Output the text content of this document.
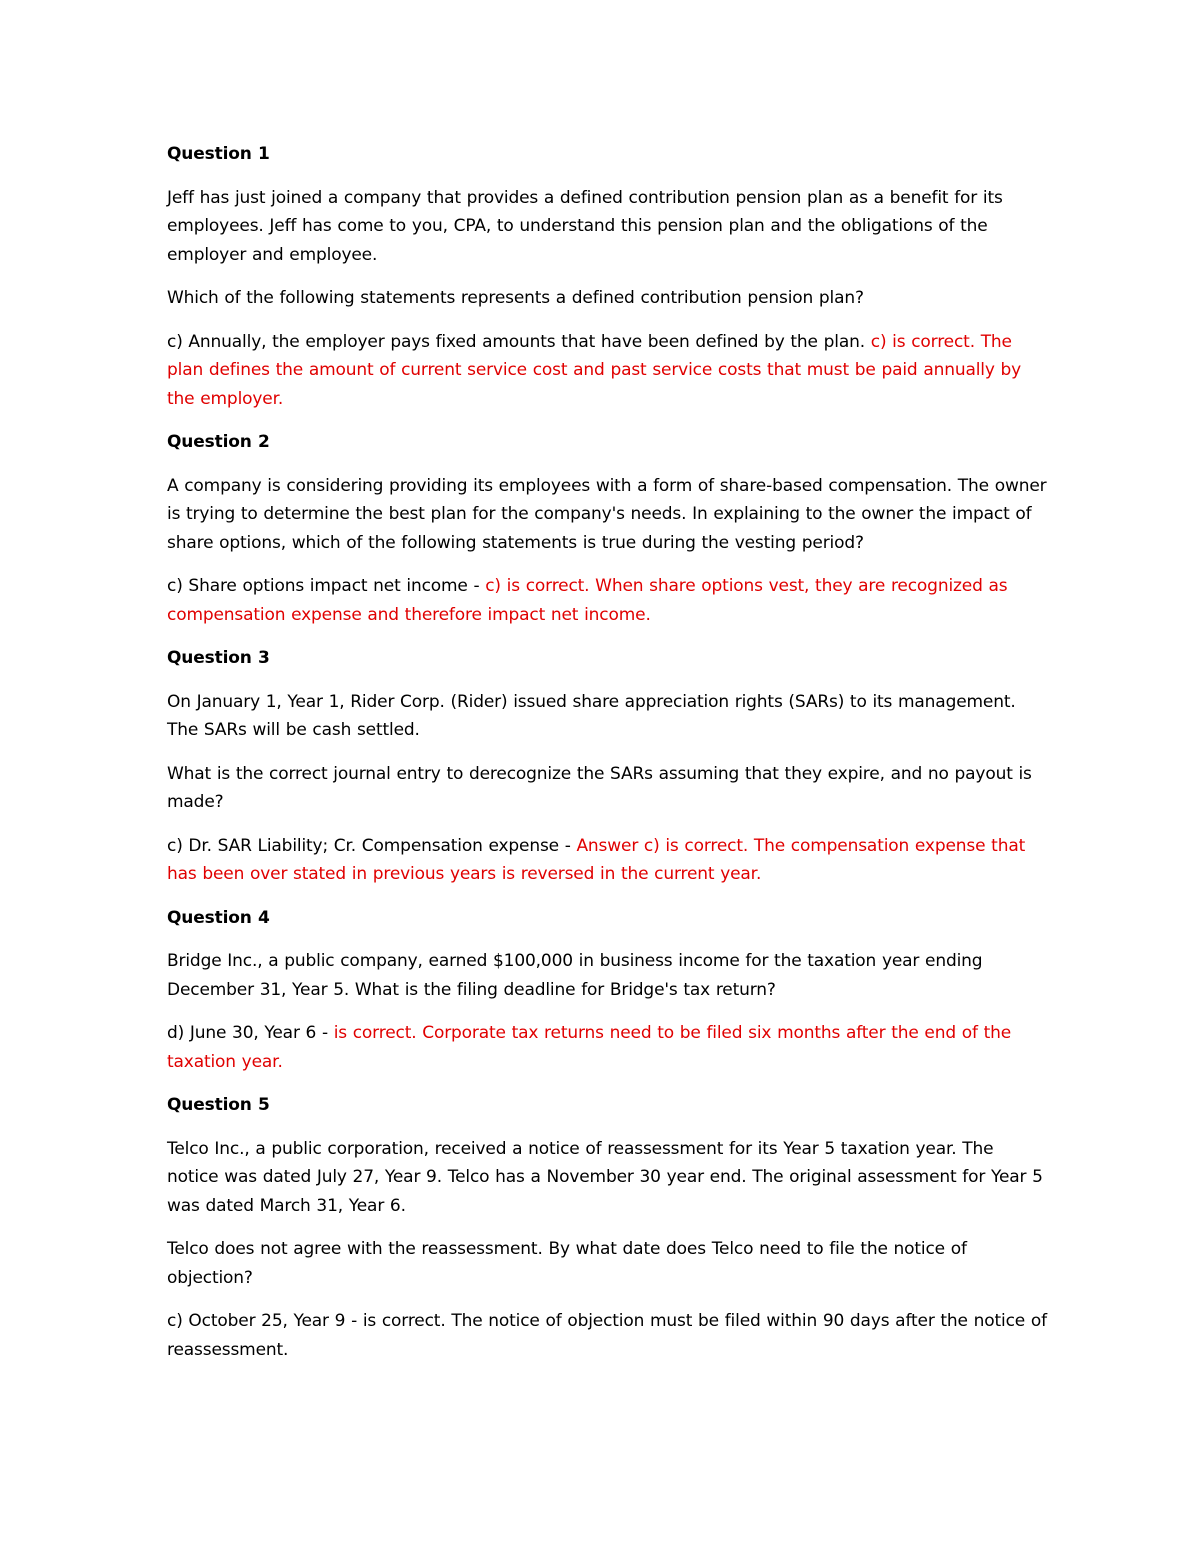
Question 1

Jeff has just joined a company that provides a defined contribution pension plan as a benefit for its employees. Jeff has come to you, CPA, to understand this pension plan and the obligations of the employer and employee.

Which of the following statements represents a defined contribution pension plan?

c) Annually, the employer pays fixed amounts that have been defined by the plan. c) is correct. The plan defines the amount of current service cost and past service costs that must be paid annually by the employer.

Question 2

A company is considering providing its employees with a form of share-based compensation. The owner is trying to determine the best plan for the company's needs. In explaining to the owner the impact of share options, which of the following statements is true during the vesting period?

c) Share options impact net income - c) is correct. When share options vest, they are recognized as compensation expense and therefore impact net income.

Question 3

On January 1, Year 1, Rider Corp. (Rider) issued share appreciation rights (SARs) to its management. The SARs will be cash settled.

What is the correct journal entry to derecognize the SARs assuming that they expire, and no payout is made?

c) Dr. SAR Liability; Cr. Compensation expense - Answer c) is correct. The compensation expense that has been over stated in previous years is reversed in the current year.

Question 4

Bridge Inc., a public company, earned $100,000 in business income for the taxation year ending December 31, Year 5. What is the filing deadline for Bridge's tax return?

d) June 30, Year 6 - is correct. Corporate tax returns need to be filed six months after the end of the taxation year.

Question 5

Telco Inc., a public corporation, received a notice of reassessment for its Year 5 taxation year. The notice was dated July 27, Year 9. Telco has a November 30 year end. The original assessment for Year 5 was dated March 31, Year 6.

Telco does not agree with the reassessment. By what date does Telco need to file the notice of objection?

c) October 25, Year 9 - is correct. The notice of objection must be filed within 90 days after the notice of reassessment.
